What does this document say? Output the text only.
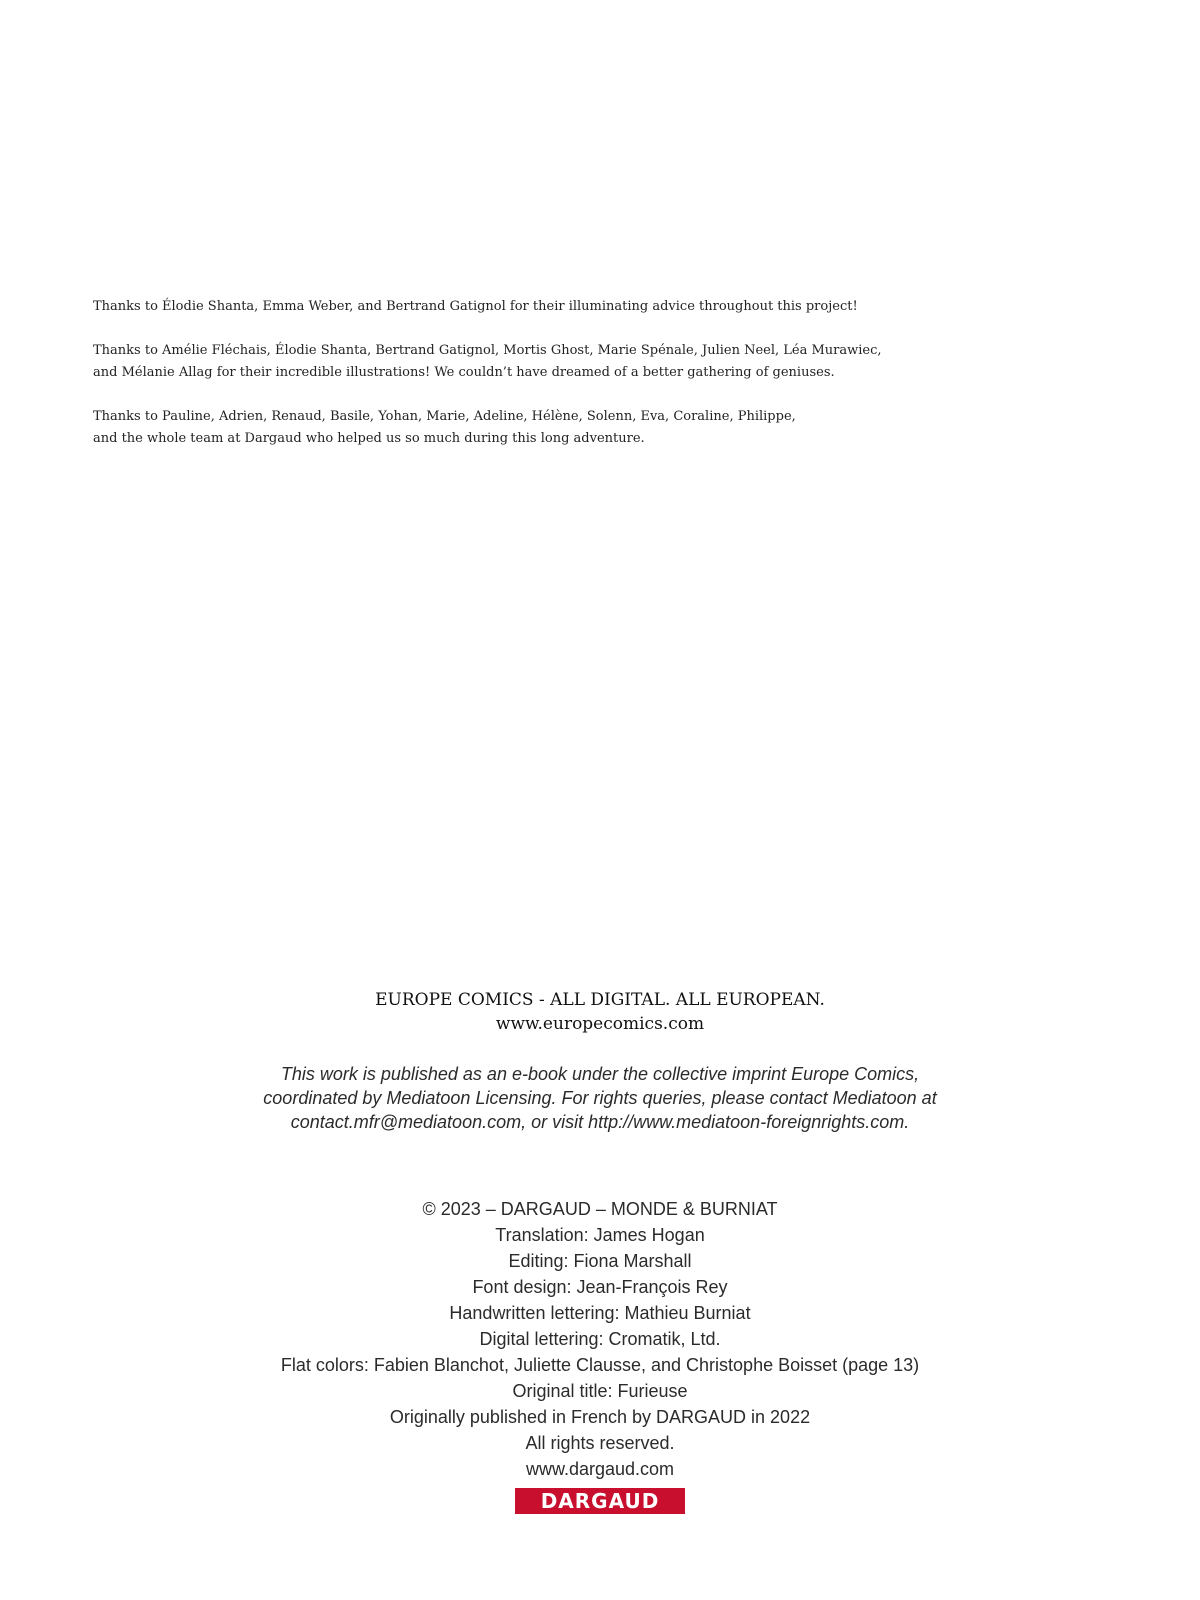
Thanks to Élodie Shanta, Emma Weber, and Bertrand Gatignol for their illuminating advice throughout this project!

Thanks to Amélie Fléchais, Élodie Shanta, Bertrand Gatignol, Mortis Ghost, Marie Spénale, Julien Neel, Léa Murawiec,
and Mélanie Allag for their incredible illustrations! We couldn’t have dreamed of a better gathering of geniuses.

Thanks to Pauline, Adrien, Renaud, Basile, Yohan, Marie, Adeline, Hélène, Solenn, Eva, Coraline, Philippe,
and the whole team at Dargaud who helped us so much during this long adventure.

EUROPE COMICS - ALL DIGITAL. ALL EUROPEAN.
www.europecomics.com
This work is published as an e-book under the collective imprint Europe Comics,
coordinated by Mediatoon Licensing. For rights queries, please contact Mediatoon at
contact.mfr@mediatoon.com, or visit http://www.mediatoon-foreignrights.com.
© 2023 – DARGAUD – MONDE & BURNIAT
Translation: James Hogan
Editing: Fiona Marshall
Font design: Jean-François Rey
Handwritten lettering: Mathieu Burniat
Digital lettering: Cromatik, Ltd.
Flat colors: Fabien Blanchot, Juliette Clausse, and Christophe Boisset (page 13)
Original title: Furieuse
Originally published in French by DARGAUD in 2022
All rights reserved.
www.dargaud.com
DARGAUD
